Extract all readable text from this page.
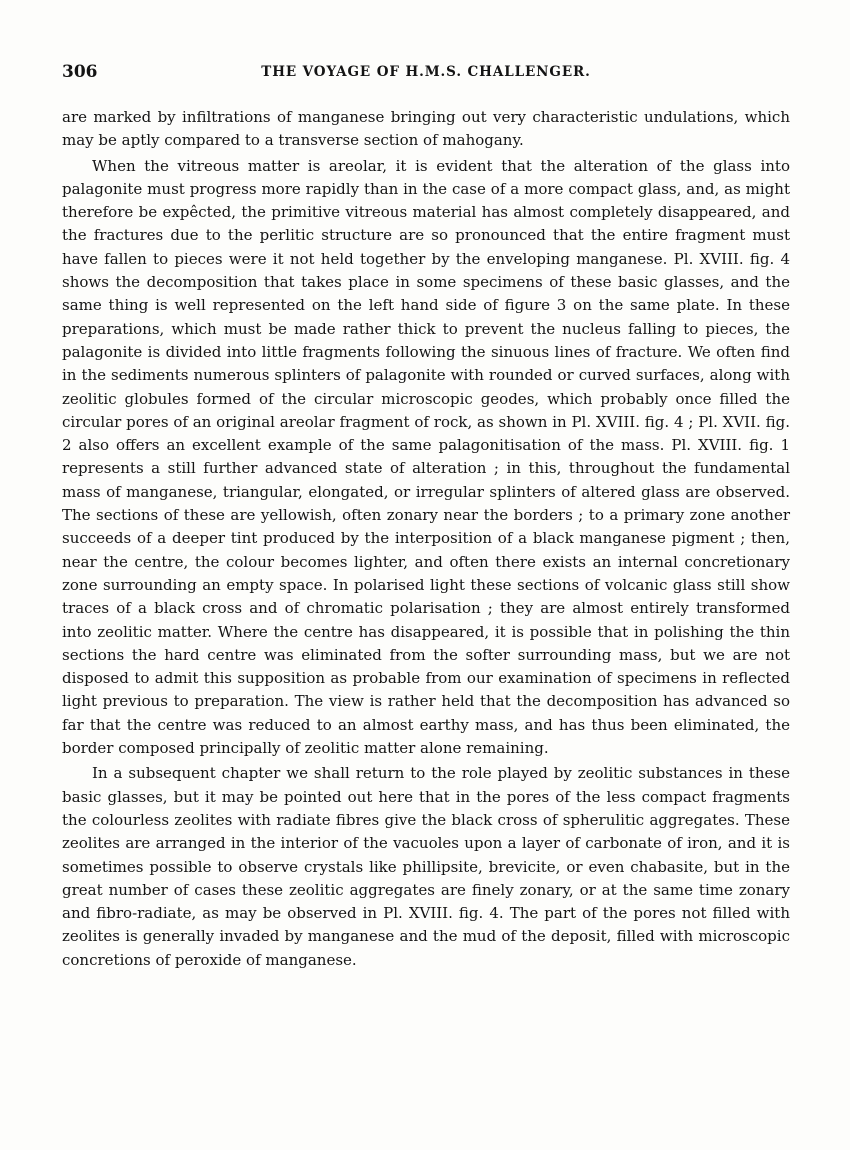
306	THE VOYAGE OF H.M.S. CHALLENGER.

are marked by infiltrations of manganese bringing out very characteristic undulations, which may be aptly compared to a transverse section of mahogany.

When the vitreous matter is areolar, it is evident that the alteration of the glass into palagonite must progress more rapidly than in the case of a more compact glass, and, as might therefore be expêcted, the primitive vitreous material has almost completely disappeared, and the fractures due to the perlitic structure are so pronounced that the entire fragment must have fallen to pieces were it not held together by the enveloping manganese. Pl. XVIII. fig. 4 shows the decomposition that takes place in some specimens of these basic glasses, and the same thing is well represented on the left hand side of figure 3 on the same plate. In these preparations, which must be made rather thick to prevent the nucleus falling to pieces, the palagonite is divided into little fragments following the sinuous lines of fracture. We often find in the sediments numerous splinters of palagonite with rounded or curved surfaces, along with zeolitic globules formed of the circular microscopic geodes, which probably once filled the circular pores of an original areolar fragment of rock, as shown in Pl. XVIII. fig. 4 ; Pl. XVII. fig. 2 also offers an excellent example of the same palagonitisation of the mass. Pl. XVIII. fig. 1 represents a still further advanced state of alteration ; in this, throughout the fundamental mass of manganese, triangular, elongated, or irregular splinters of altered glass are observed. The sections of these are yellowish, often zonary near the borders ; to a primary zone another succeeds of a deeper tint produced by the interposition of a black manganese pigment ; then, near the centre, the colour becomes lighter, and often there exists an internal concretionary zone surrounding an empty space. In polarised light these sections of volcanic glass still show traces of a black cross and of chromatic polarisation ; they are almost entirely transformed into zeolitic matter. Where the centre has disappeared, it is possible that in polishing the thin sections the hard centre was eliminated from the softer surrounding mass, but we are not disposed to admit this supposition as probable from our examination of specimens in reflected light previous to preparation. The view is rather held that the decomposition has advanced so far that the centre was reduced to an almost earthy mass, and has thus been eliminated, the border composed principally of zeolitic matter alone remaining.

In a subsequent chapter we shall return to the role played by zeolitic substances in these basic glasses, but it may be pointed out here that in the pores of the less compact fragments the colourless zeolites with radiate fibres give the black cross of spherulitic aggregates. These zeolites are arranged in the interior of the vacuoles upon a layer of carbonate of iron, and it is sometimes possible to observe crystals like phillipsite, brevicite, or even chabasite, but in the great number of cases these zeolitic aggregates are finely zonary, or at the same time zonary and fibro-radiate, as may be observed in Pl. XVIII. fig. 4. The part of the pores not filled with zeolites is generally invaded by manganese and the mud of the deposit, filled with microscopic concretions of peroxide of manganese.
